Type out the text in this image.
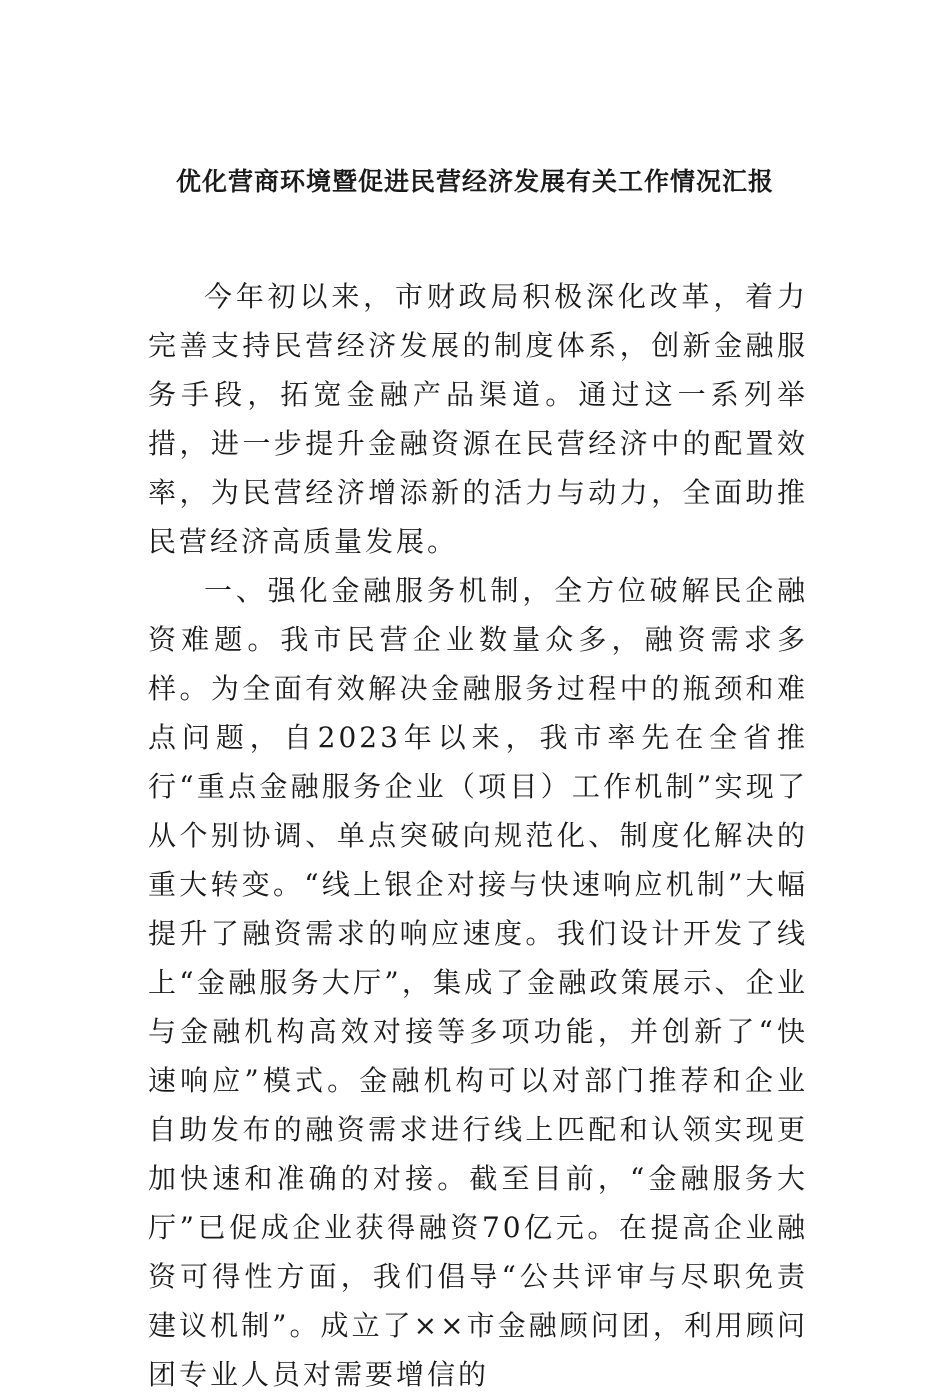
优化营商环境暨促进民营经济发展有关工作情况汇报

今年初以来，市财政局积极深化改革，着力完善支持民营经济发展的制度体系，创新金融服务手段，拓宽金融产品渠道。通过这一系列举措，进一步提升金融资源在民营经济中的配置效率，为民营经济增添新的活力与动力，全面助推民营经济高质量发展。

一、强化金融服务机制，全方位破解民企融资难题。我市民营企业数量众多，融资需求多样。为全面有效解决金融服务过程中的瓶颈和难点问题，自2023年以来，我市率先在全省推行“重点金融服务企业（项目）工作机制”实现了从个别协调、单点突破向规范化、制度化解决的重大转变。“线上银企对接与快速响应机制”大幅提升了融资需求的响应速度。我们设计开发了线上“金融服务大厅”，集成了金融政策展示、企业与金融机构高效对接等多项功能，并创新了“快速响应”模式。金融机构可以对部门推荐和企业自助发布的融资需求进行线上匹配和认领实现更加快速和准确的对接。截至目前，“金融服务大厅”已促成企业获得融资70亿元。在提高企业融资可得性方面，我们倡导“公共评审与尽职免责建议机制”。成立了××市金融顾问团，利用顾问团专业人员对需要增信的
